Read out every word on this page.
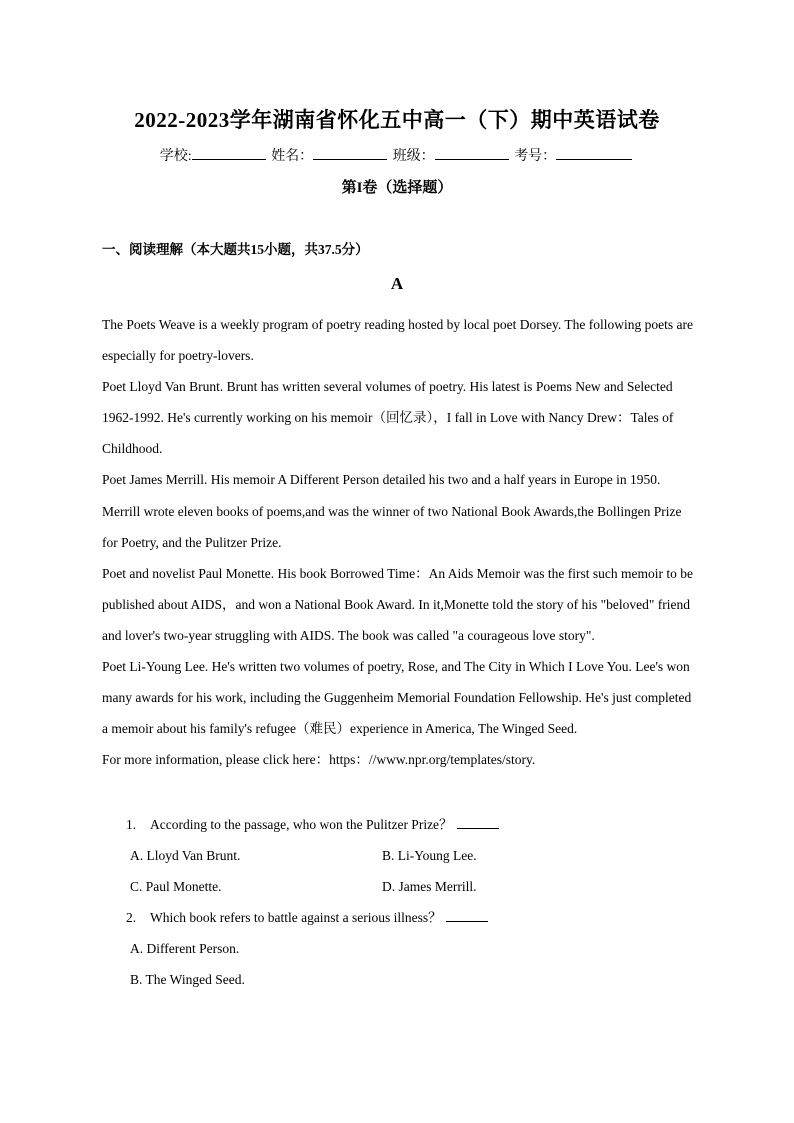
2022-2023学年湖南省怀化五中高一（下）期中英语试卷
学校:	姓名：	班级：	考号：
第I卷（选择题）
一、阅读理解（本大题共15小题，共37.5分）
A

The Poets Weave is a weekly program of poetry reading hosted by local poet Dorsey. The following poets are especially for poetry-lovers.

Poet Lloyd Van Brunt. Brunt has written several volumes of poetry. His latest is Poems New and Selected 1962-1992. He's currently working on his memoir（回忆录），I fall in Love with Nancy Drew：Tales of Childhood.

Poet James Merrill. His memoir A Different Person detailed his two and a half years in Europe in 1950. Merrill wrote eleven books of poems,and was the winner of two National Book Awards,the Bollingen Prize for Poetry, and the Pulitzer Prize.

Poet and novelist Paul Monette. His book Borrowed Time：An Aids Memoir was the first such memoir to be published about AIDS，and won a National Book Award. In it,Monette told the story of his "beloved" friend and lover's two-year struggling with AIDS. The book was called "a courageous love story".

Poet Li-Young Lee. He's written two volumes of poetry, Rose, and The City in Which I Love You. Lee's won many awards for his work, including the Guggenheim Memorial Foundation Fellowship. He's just completed a memoir about his family's refugee（难民）experience in America, The Winged Seed.

For more information, please click here：https：//www.npr.org/templates/story.

1. According to the passage, who won the Pulitzer Prize？
A. Lloyd Van Brunt.	B. Li-Young Lee.
C. Paul Monette.	D. James Merrill.
2. Which book refers to battle against a serious illness？
A. Different Person.
B. The Winged Seed.
